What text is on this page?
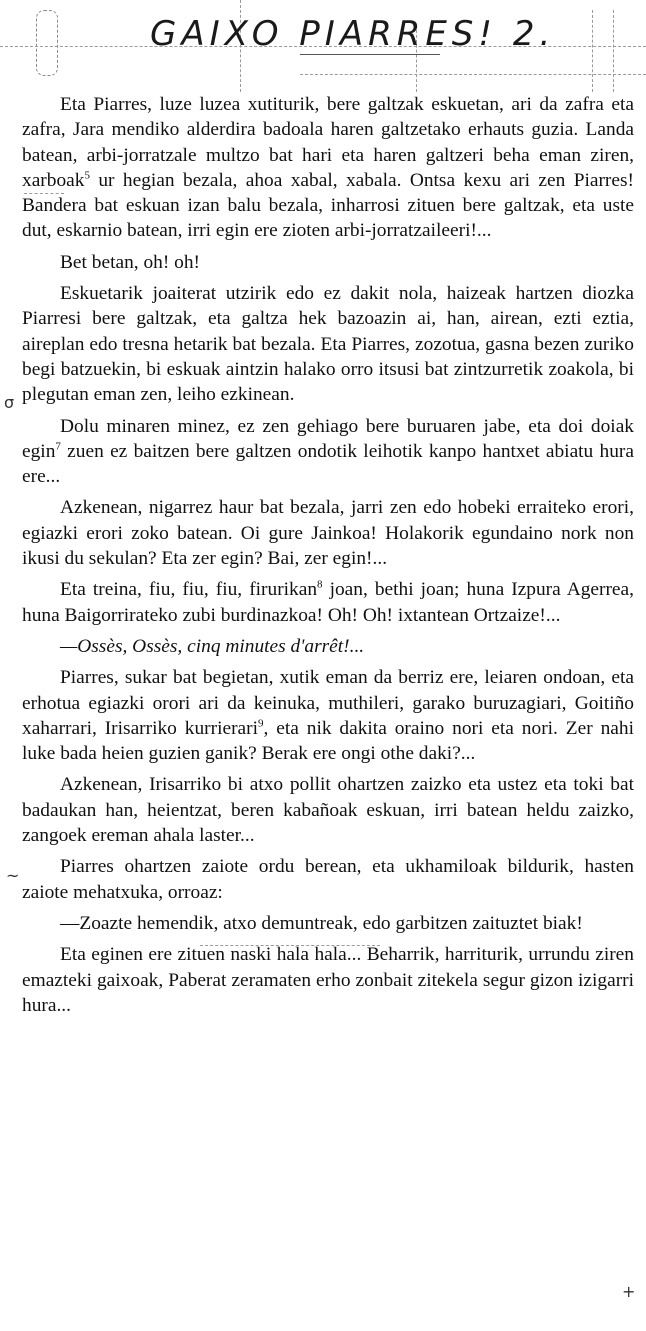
GAIXO PIARRES! 2.
σ
~
+

Eta Piarres, luze luzea xutiturik, bere galtzak eskuetan, ari da zafra eta zafra, Jara mendiko alderdira badoala haren galtzetako erhauts guzia. Landa batean, arbi-jorratzale multzo bat hari eta haren galtzeri beha eman ziren, xarboak$^5$ ur hegian bezala, ahoa xabal, xabala. Ontsa kexu ari zen Piarres! Bandera bat eskuan izan balu bezala, inharrosi zituen bere galtzak, eta uste dut, eskarnio batean, irri egin ere zioten arbi-jorratzaileeri!...

Bet betan, oh! oh!

Eskuetarik joaiterat utzirik edo ez dakit nola, haizeak hartzen diozka Piarresi bere galtzak, eta galtza hek bazoazin ai, han, airean, ezti eztia, aireplan edo tresna hetarik bat bezala. Eta Piarres, zozotua, gasna bezen zuriko begi batzuekin, bi eskuak aintzin halako orro itsusi bat zintzurretik zoakola, bi plegutan eman zen, leiho ezkinean.

Dolu minaren minez, ez zen gehiago bere buruaren jabe, eta doi doiak egin$^7$ zuen ez baitzen bere galtzen ondotik leihotik kanpo hantxet abiatu hura ere...

Azkenean, nigarrez haur bat bezala, jarri zen edo hobeki erraiteko erori, egiazki erori zoko batean. Oi gure Jainkoa! Holakorik egundaino nork non ikusi du sekulan? Eta zer egin? Bai, zer egin!...

Eta treina, fiu, fiu, fiu, firurikan$^8$ joan, bethi joan; huna Izpura Agerrea, huna Baigorrirateko zubi burdinazkoa! Oh! Oh! ixtantean Ortzaize!...

—Ossès, Ossès, cinq minutes d'arrêt!...

Piarres, sukar bat begietan, xutik eman da berriz ere, leiaren ondoan, eta erhotua egiazki orori ari da keinuka, muthileri, garako buruzagiari, Goitiño xaharrari, Irisarriko kurrierari$^9$, eta nik dakita oraino nori eta nori. Zer nahi luke bada heien guzien ganik? Berak ere ongi othe daki?...

Azkenean, Irisarriko bi atxo pollit ohartzen zaizko eta ustez eta toki bat badaukan han, heientzat, beren kabañoak eskuan, irri batean heldu zaizko, zangoek ereman ahala laster...

Piarres ohartzen zaiote ordu berean, eta ukhamiloak bildurik, hasten zaiote mehatxuka, orroaz:

—Zoazte hemendik, atxo demuntreak, edo garbitzen zaituztet biak!

Eta eginen ere zituen naski hala hala... Beharrik, harriturik, urrundu ziren emazteki gaixoak, Paberat zeramaten erho zonbait zitekela segur gizon izigarri hura...
